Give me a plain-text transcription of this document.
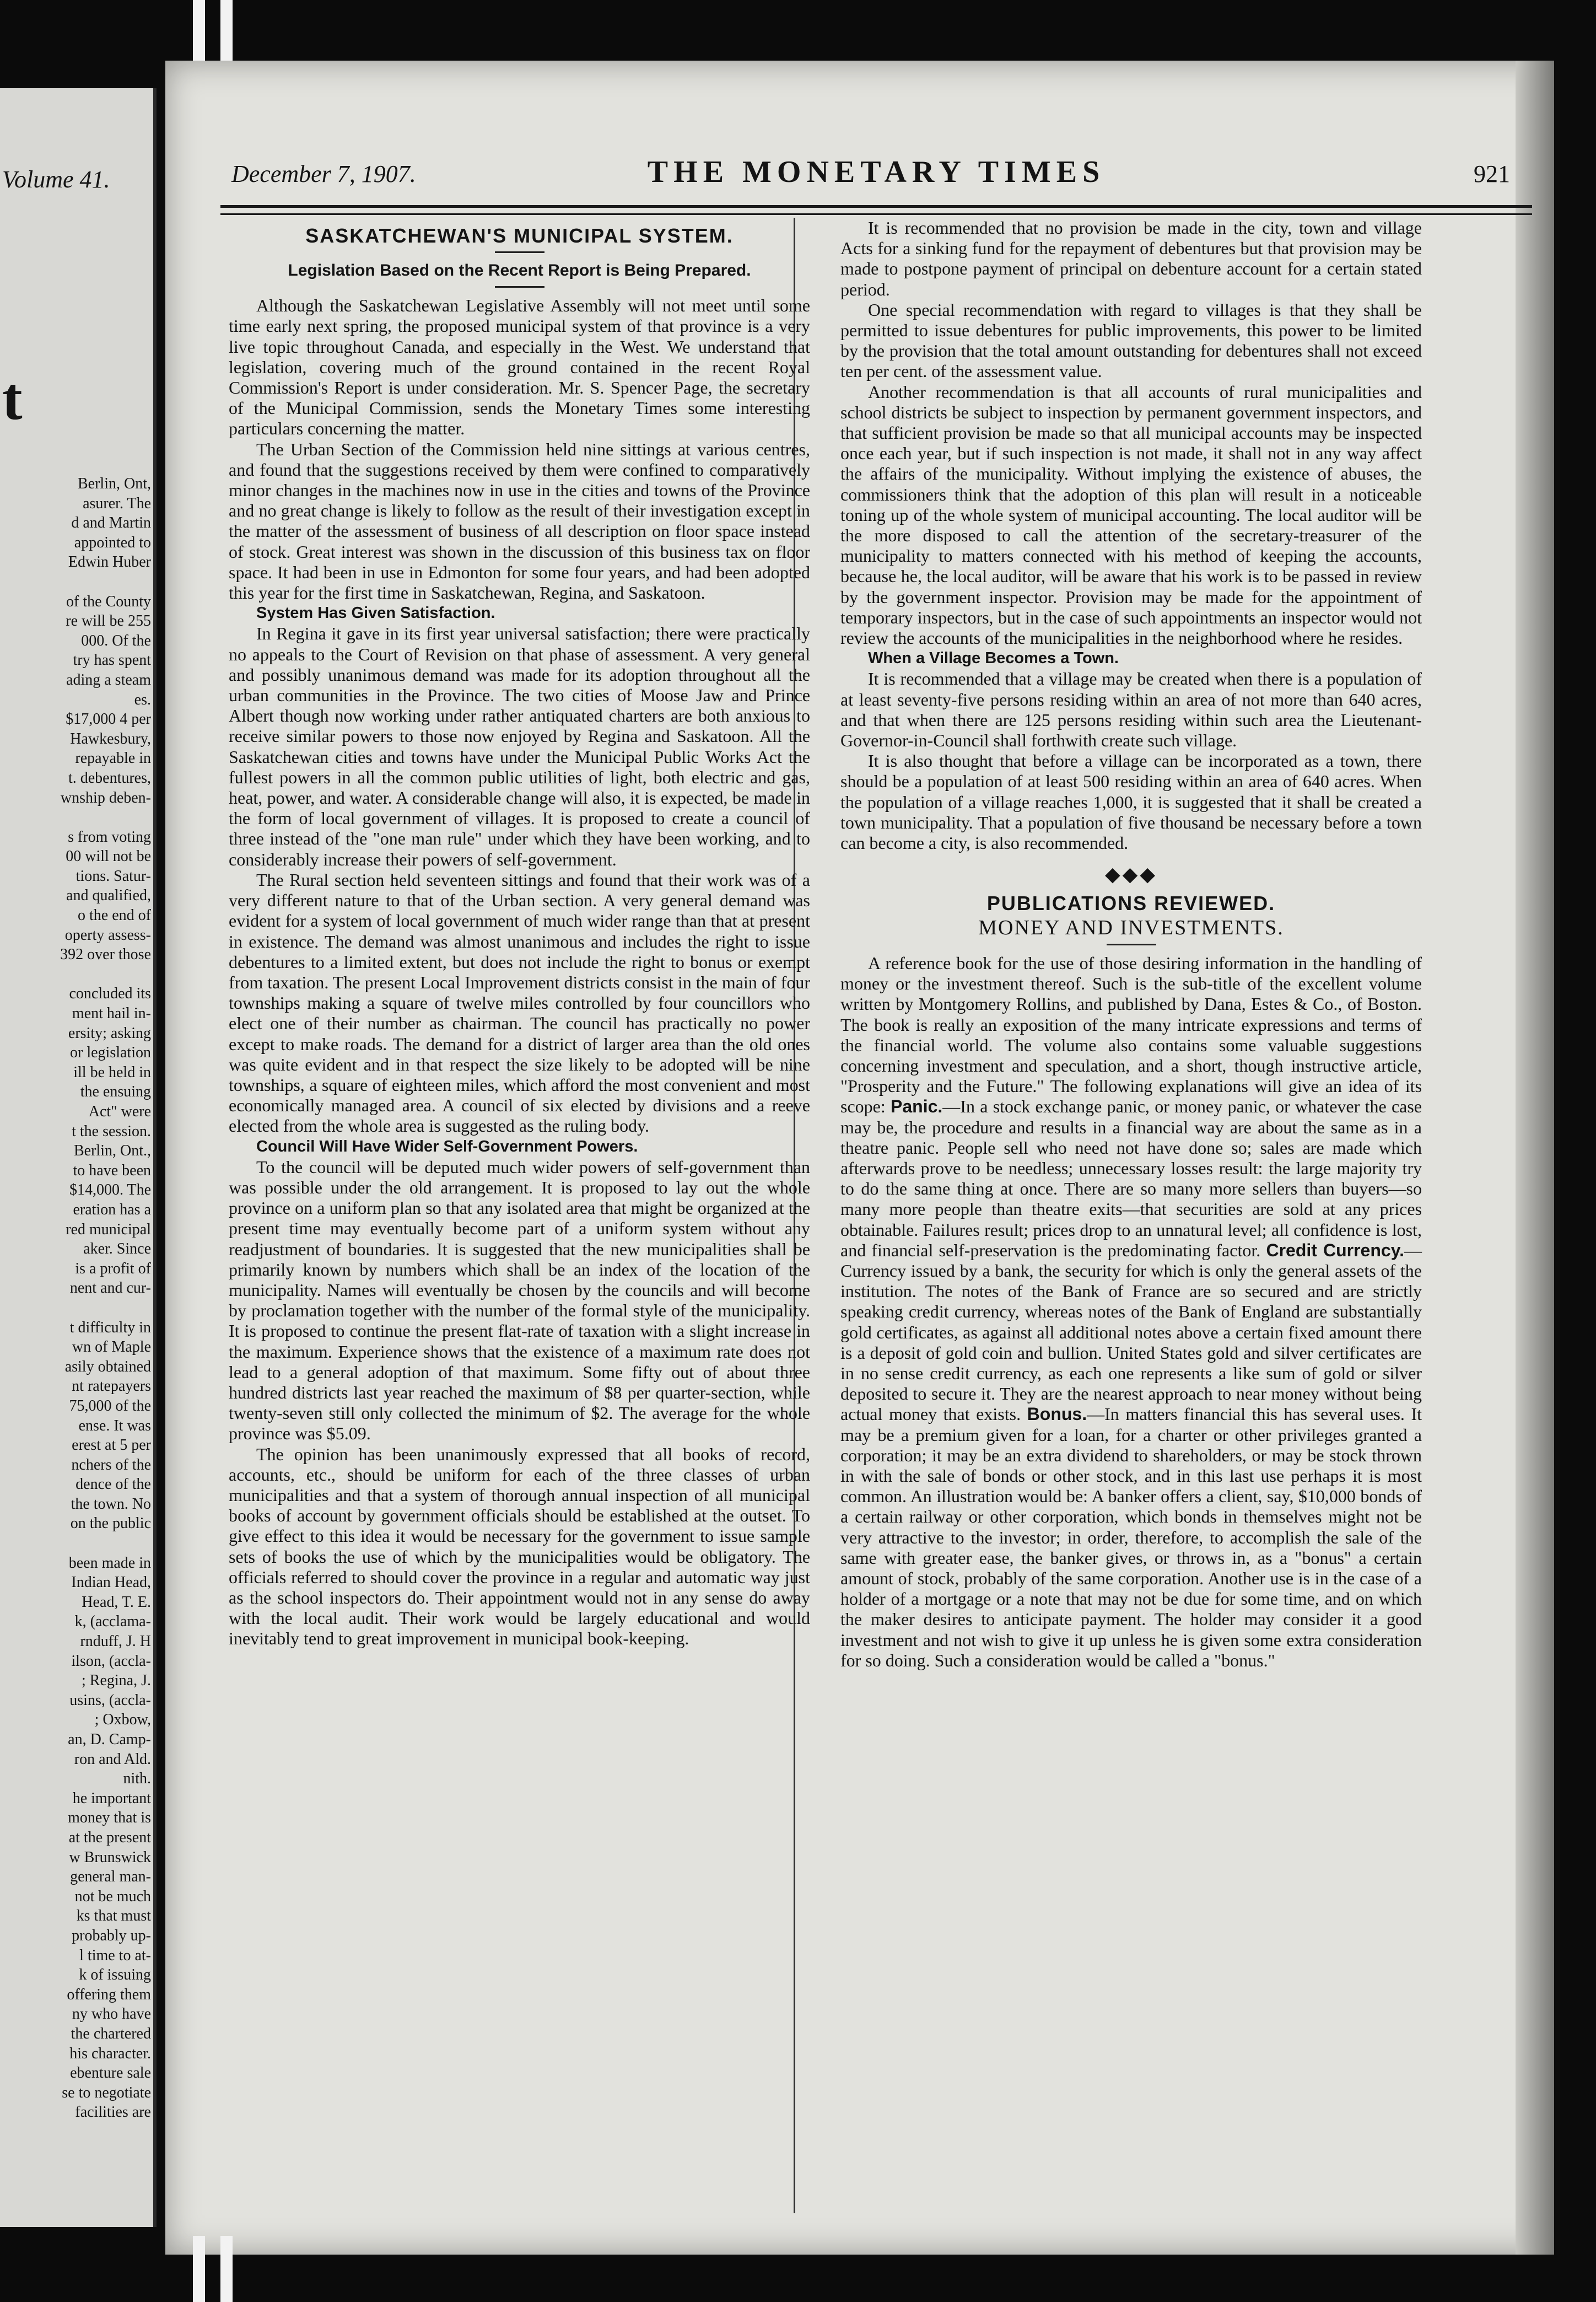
Volume 41.
t
Berlin, Ont,
asurer. The
d and Martin
appointed to
Edwin Huber

of the County
re will be 255
000. Of the
try has spent
ading a steam
es.
$17,000 4 per
Hawkesbury,
repayable in
t. debentures,
wnship deben-

s from voting
00 will not be
tions. Satur-
and qualified,
o the end of
operty assess-
392 over those

concluded its
ment hail in-
ersity; asking
or legislation
ill be held in
the ensuing
Act" were
t the session.
Berlin, Ont.,
to have been
$14,000. The
eration has a
red municipal
aker. Since
is a profit of
nent and cur-

t difficulty in
wn of Maple
asily obtained
nt ratepayers
75,000 of the
ense. It was
erest at 5 per
nchers of the
dence of the
the town. No
on the public

been made in
Indian Head,
Head, T. E.
k, (acclama-
rnduff, J. H
ilson, (accla-
; Regina, J.
usins, (accla-
; Oxbow,
an, D. Camp-
ron and Ald.
nith.
he important
money that is
at the present
w Brunswick
general man-
not be much
ks that must
probably up-
l time to at-
k of issuing
offering them
ny who have
the chartered
his character.
ebenture sale
se to negotiate
facilities are
December 7, 1907.	THE MONETARY TIMES	921
SASKATCHEWAN'S MUNICIPAL SYSTEM.
Legislation Based on the Recent Report is Being Prepared.

Although the Saskatchewan Legislative Assembly will not meet until some time early next spring, the proposed municipal system of that province is a very live topic throughout Canada, and especially in the West. We understand that legislation, covering much of the ground contained in the recent Royal Commission's Report is under consideration. Mr. S. Spencer Page, the secretary of the Municipal Commission, sends the Monetary Times some interesting particulars concerning the matter.

The Urban Section of the Commission held nine sittings at various centres, and found that the suggestions received by them were confined to comparatively minor changes in the machines now in use in the cities and towns of the Province and no great change is likely to follow as the result of their investigation except in the matter of the assessment of business of all description on floor space instead of stock. Great interest was shown in the discussion of this business tax on floor space. It had been in use in Edmonton for some four years, and had been adopted this year for the first time in Saskatchewan, Regina, and Saskatoon.

System Has Given Satisfaction.

In Regina it gave in its first year universal satisfaction; there were practically no appeals to the Court of Revision on that phase of assessment. A very general and possibly unanimous demand was made for its adoption throughout all the urban communities in the Province. The two cities of Moose Jaw and Prince Albert though now working under rather antiquated charters are both anxious to receive similar powers to those now enjoyed by Regina and Saskatoon. All the Saskatchewan cities and towns have under the Municipal Public Works Act the fullest powers in all the common public utilities of light, both electric and gas, heat, power, and water. A considerable change will also, it is expected, be made in the form of local government of villages. It is proposed to create a council of three instead of the "one man rule" under which they have been working, and to considerably increase their powers of self-government.

The Rural section held seventeen sittings and found that their work was of a very different nature to that of the Urban section. A very general demand was evident for a system of local government of much wider range than that at present in existence. The demand was almost unanimous and includes the right to issue debentures to a limited extent, but does not include the right to bonus or exempt from taxation. The present Local Improvement districts consist in the main of four townships making a square of twelve miles controlled by four councillors who elect one of their number as chairman. The council has practically no power except to make roads. The demand for a district of larger area than the old ones was quite evident and in that respect the size likely to be adopted will be nine townships, a square of eighteen miles, which afford the most convenient and most economically managed area. A council of six elected by divisions and a reeve elected from the whole area is suggested as the ruling body.

Council Will Have Wider Self-Government Powers.

To the council will be deputed much wider powers of self-government than was possible under the old arrangement. It is proposed to lay out the whole province on a uniform plan so that any isolated area that might be organized at the present time may eventually become part of a uniform system without any readjustment of boundaries. It is suggested that the new municipalities shall be primarily known by numbers which shall be an index of the location of the municipality. Names will eventually be chosen by the councils and will become by proclamation together with the number of the formal style of the municipality. It is proposed to continue the present flat-rate of taxation with a slight increase in the maximum. Experience shows that the existence of a maximum rate does not lead to a general adoption of that maximum. Some fifty out of about three hundred districts last year reached the maximum of $8 per quarter-section, while twenty-seven still only collected the minimum of $2. The average for the whole province was $5.09.

The opinion has been unanimously expressed that all books of record, accounts, etc., should be uniform for each of the three classes of urban municipalities and that a system of thorough annual inspection of all municipal books of account by government officials should be established at the outset. To give effect to this idea it would be necessary for the government to issue sample sets of books the use of which by the municipalities would be obligatory. The officials referred to should cover the province in a regular and automatic way just as the school inspectors do. Their appointment would not in any sense do away with the local audit. Their work would be largely educational and would inevitably tend to great improvement in municipal book-keeping.

It is recommended that no provision be made in the city, town and village Acts for a sinking fund for the repayment of debentures but that provision may be made to postpone payment of principal on debenture account for a certain stated period.

One special recommendation with regard to villages is that they shall be permitted to issue debentures for public improvements, this power to be limited by the provision that the total amount outstanding for debentures shall not exceed ten per cent. of the assessment value.

Another recommendation is that all accounts of rural municipalities and school districts be subject to inspection by permanent government inspectors, and that sufficient provision be made so that all municipal accounts may be inspected once each year, but if such inspection is not made, it shall not in any way affect the affairs of the municipality. Without implying the existence of abuses, the commissioners think that the adoption of this plan will result in a noticeable toning up of the whole system of municipal accounting. The local auditor will be the more disposed to call the attention of the secretary-treasurer of the municipality to matters connected with his method of keeping the accounts, because he, the local auditor, will be aware that his work is to be passed in review by the government inspector. Provision may be made for the appointment of temporary inspectors, but in the case of such appointments an inspector would not review the accounts of the municipalities in the neighborhood where he resides.

When a Village Becomes a Town.

It is recommended that a village may be created when there is a population of at least seventy-five persons residing within an area of not more than 640 acres, and that when there are 125 persons residing within such area the Lieutenant-Governor-in-Council shall forthwith create such village.

It is also thought that before a village can be incorporated as a town, there should be a population of at least 500 residing within an area of 640 acres. When the population of a village reaches 1,000, it is suggested that it shall be created a town municipality. That a population of five thousand be necessary before a town can become a city, is also recommended.

◆◆◆
PUBLICATIONS REVIEWED.
MONEY AND INVESTMENTS.

A reference book for the use of those desiring information in the handling of money or the investment thereof. Such is the sub-title of the excellent volume written by Montgomery Rollins, and published by Dana, Estes & Co., of Boston. The book is really an exposition of the many intricate expressions and terms of the financial world. The volume also contains some valuable suggestions concerning investment and speculation, and a short, though instructive article, "Prosperity and the Future." The following explanations will give an idea of its scope: Panic.—In a stock exchange panic, or money panic, or whatever the case may be, the procedure and results in a financial way are about the same as in a theatre panic. People sell who need not have done so; sales are made which afterwards prove to be needless; unnecessary losses result: the large majority try to do the same thing at once. There are so many more sellers than buyers—so many more people than theatre exits—that securities are sold at any prices obtainable. Failures result; prices drop to an unnatural level; all confidence is lost, and financial self-preservation is the predominating factor. Credit Currency.—Currency issued by a bank, the security for which is only the general assets of the institution. The notes of the Bank of France are so secured and are strictly speaking credit currency, whereas notes of the Bank of England are substantially gold certificates, as against all additional notes above a certain fixed amount there is a deposit of gold coin and bullion. United States gold and silver certificates are in no sense credit currency, as each one represents a like sum of gold or silver deposited to secure it. They are the nearest approach to near money without being actual money that exists. Bonus.—In matters financial this has several uses. It may be a premium given for a loan, for a charter or other privileges granted a corporation; it may be an extra dividend to shareholders, or may be stock thrown in with the sale of bonds or other stock, and in this last use perhaps it is most common. An illustration would be: A banker offers a client, say, $10,000 bonds of a certain railway or other corporation, which bonds in themselves might not be very attractive to the investor; in order, therefore, to accomplish the sale of the same with greater ease, the banker gives, or throws in, as a "bonus" a certain amount of stock, probably of the same corporation. Another use is in the case of a holder of a mortgage or a note that may not be due for some time, and on which the maker desires to anticipate payment. The holder may consider it a good investment and not wish to give it up unless he is given some extra consideration for so doing. Such a consideration would be called a "bonus."
